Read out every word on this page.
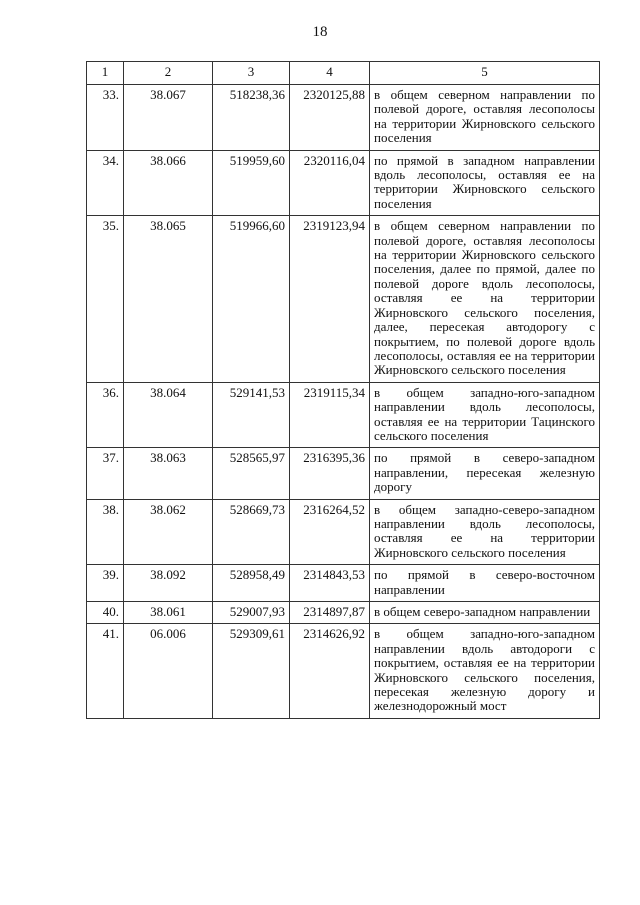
18
1	2	3	4	5
33.	38.067	518238,36	2320125,88	в общем северном направлении по полевой дороге, оставляя лесополосы на территории Жирновского сельского поселения
34.	38.066	519959,60	2320116,04	по прямой в западном направлении вдоль лесополосы, оставляя ее на территории Жирновского сельского поселения
35.	38.065	519966,60	2319123,94	в общем северном направлении по полевой дороге, оставляя лесополосы на территории Жирновского сельского поселения, далее по прямой, далее по полевой дороге вдоль лесополосы, оставляя ее на территории Жирновского сельского поселения, далее, пересекая автодорогу с покрытием, по полевой дороге вдоль лесополосы, оставляя ее на территории Жирновского сельского поселения
36.	38.064	529141,53	2319115,34	в общем западно-юго-западном направлении вдоль лесополосы, оставляя ее на территории Тацинского сельского поселения
37.	38.063	528565,97	2316395,36	по прямой в северо-западном направлении, пересекая железную дорогу
38.	38.062	528669,73	2316264,52	в общем западно-северо-западном направлении вдоль лесополосы, оставляя ее на территории Жирновского сельского поселения
39.	38.092	528958,49	2314843,53	по прямой в северо-восточном направлении
40.	38.061	529007,93	2314897,87	в общем северо-западном направлении
41.	06.006	529309,61	2314626,92	в общем западно-юго-западном направлении вдоль автодороги с покрытием, оставляя ее на территории Жирновского сельского поселения, пересекая железную дорогу и железнодорожный мост
